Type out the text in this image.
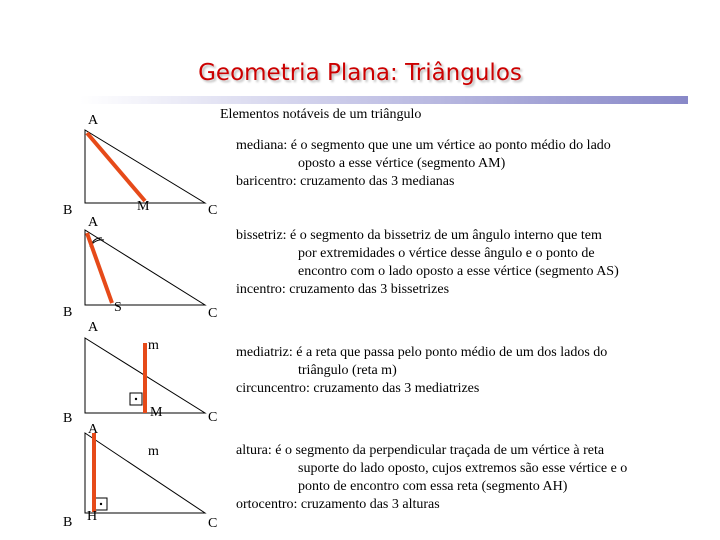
Geometria Plana: Triângulos
Elementos notáveis de um triângulo
A
B	M	C
A
B	S	C
A
m
B	M	C
A
m
B H	C

mediana: é o segmento que une um vértice ao ponto médio do lado

oposto a esse vértice (segmento AM)

baricentro: cruzamento das 3 medianas

bissetriz: é o segmento da bissetriz de um ângulo interno que tem

por extremidades o vértice desse ângulo e o ponto de

encontro com o lado oposto a esse vértice (segmento AS)

incentro: cruzamento das 3 bissetrizes

mediatriz: é a reta que passa pelo ponto médio de um dos lados do

triângulo (reta m)

circuncentro: cruzamento das 3 mediatrizes

altura: é o segmento da perpendicular traçada de um vértice à reta

suporte do lado oposto, cujos extremos são esse vértice e o

ponto de encontro com essa reta (segmento AH)

ortocentro: cruzamento das 3 alturas
